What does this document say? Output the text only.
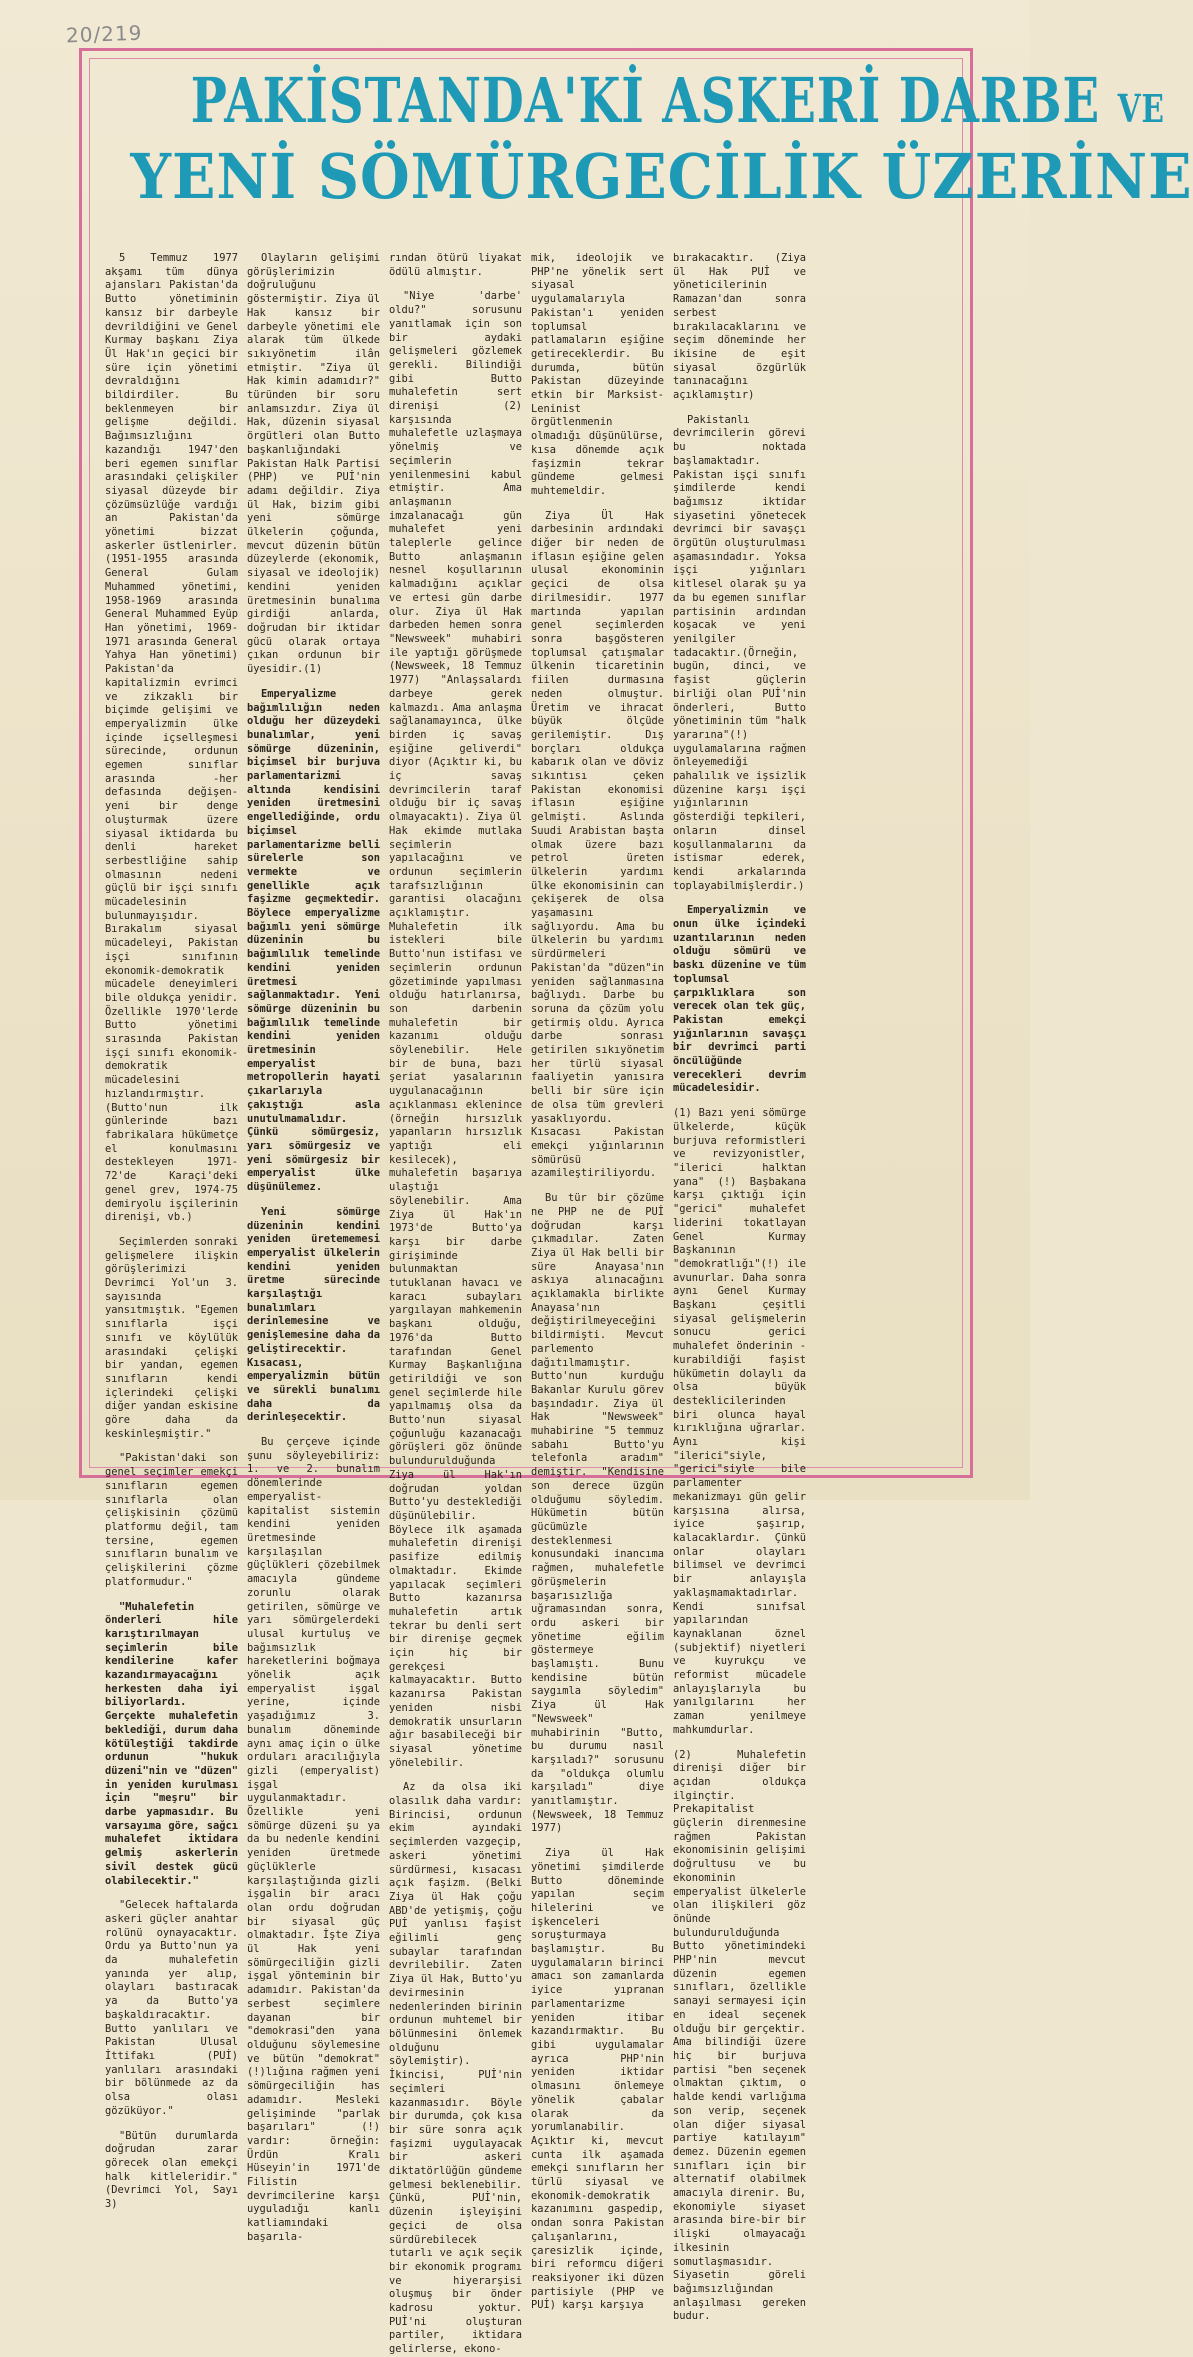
20/219
PAKİSTANDA'Kİ ASKERİ DARBE VE
YENİ SÖMÜRGECİLİK ÜZERİNE

5 Temmuz 1977 akşamı tüm dünya ajansları Pakistan'da Butto yönetiminin kansız bir darbeyle devrildiğini ve Genel Kurmay başkanı Ziya Ül Hak'ın geçici bir süre için yönetimi devraldığını bildirdiler. Bu beklenmeyen bir gelişme değildi. Bağımsızlığını kazandığı 1947'den beri egemen sınıflar arasındaki çelişkiler siyasal düzeyde bir çözümsüzlüğe vardığı an Pakistan'da yönetimi bizzat askerler üstlenirler. (1951-1955 arasında General Gulam Muhammed yönetimi, 1958-1969 arasında General Muhammed Eyüp Han yönetimi, 1969-1971 arasında General Yahya Han yönetimi) Pakistan'da kapitalizmin evrimci ve zikzaklı bir biçimde gelişimi ve emperyalizmin ülke içinde içselleşmesi sürecinde, ordunun egemen sınıflar arasında -her defasında değişen- yeni bir denge oluşturmak üzere siyasal iktidarda bu denli hareket serbestliğine sahip olmasının nedeni güçlü bir işçi sınıfı mücadelesinin bulunmayışıdır. Bırakalım siyasal mücadeleyi, Pakistan işçi sınıfının ekonomik-demokratik mücadele deneyimleri bile oldukça yenidir. Özellikle 1970'lerde Butto yönetimi sırasında Pakistan işçi sınıfı ekonomik-demokratik mücadelesini hızlandırmıştır. (Butto'nun ilk günlerinde bazı fabrikalara hükümetçe el konulmasını destekleyen 1971-72'de Karaçi'deki genel grev, 1974-75 demiryolu işçilerinin direnişi, vb.)

Seçimlerden sonraki gelişmelere ilişkin görüşlerimizi Devrimci Yol'un 3. sayısında yansıtmıştık. "Egemen sınıflarla işçi sınıfı ve köylülük arasındaki çelişki bir yandan, egemen sınıfların kendi içlerindeki çelişki diğer yandan eskisine göre daha da keskinleşmiştir."

"Pakistan'daki son genel seçimler emekçi sınıfların egemen sınıflarla olan çelişkisinin çözümü platformu değil, tam tersine, egemen sınıfların bunalım ve çelişkilerini çözme platformudur."

"Muhalefetin önderleri hile karıştırılmayan seçimlerin bile kendilerine kafer kazandırmayacağını herkesten daha iyi biliyorlardı. Gerçekte muhalefetin beklediği, durum daha kötüleştiği takdirde ordunun "hukuk düzeni"nin ve "düzen" in yeniden kurulması için "meşru" bir darbe yapmasıdır. Bu varsayıma göre, sağcı muhalefet iktidara gelmiş askerlerin sivil destek gücü olabilecektir."

"Gelecek haftalarda askeri güçler anahtar rolünü oynayacaktır. Ordu ya Butto'nun ya da muhalefetin yanında yer alıp, olayları bastıracak ya da Butto'ya başkaldıracaktır. Butto yanlıları ve Pakistan Ulusal İttifakı (PUİ) yanlıları arasındaki bir bölünmede az da olsa olası gözüküyor."

"Bütün durumlarda doğrudan zarar görecek olan emekçi halk kitleleridir." (Devrimci Yol, Sayı 3)

Olayların gelişimi görüşlerimizin doğruluğunu göstermiştir. Ziya ül Hak kansız bir darbeyle yönetimi ele alarak tüm ülkede sıkıyönetim ilân etmiştir. "Ziya ül Hak kimin adamıdır?" türünden bir soru anlamsızdır. Ziya ül Hak, düzenin siyasal örgütleri olan Butto başkanlığındaki Pakistan Halk Partisi (PHP) ve PUİ'nin adamı değildir. Ziya ül Hak, bizim gibi yeni sömürge ülkelerin çoğunda, mevcut düzenin bütün düzeylerde (ekonomik, siyasal ve ideolojik) kendini yeniden üretmesinin bunalıma girdiği anlarda, doğrudan bir iktidar gücü olarak ortaya çıkan ordunun bir üyesidir.(1)

Emperyalizme bağımlılığın neden olduğu her düzeydeki bunalımlar, yeni sömürge düzeninin, biçimsel bir burjuva parlamentarizmi altında kendisini yeniden üretmesini engellediğinde, ordu biçimsel parlamentarizme belli sürelerle son vermekte ve genellikle açık faşizme geçmektedir. Böylece emperyalizme bağımlı yeni sömürge düzeninin bu bağımlılık temelinde kendini yeniden üretmesi sağlanmaktadır. Yeni sömürge düzeninin bu bağımlılık temelinde kendini yeniden üretmesinin emperyalist metropollerin hayati çıkarlarıyla çakıştığı asla unutulmamalıdır. Çünkü sömürgesiz, yarı sömürgesiz ve yeni sömürgesiz bir emperyalist ülke düşünülemez.

Yeni sömürge düzeninin kendini yeniden üretememesi emperyalist ülkelerin kendini yeniden üretme sürecinde karşılaştığı bunalımları derinlemesine ve genişlemesine daha da geliştirecektir. Kısacası, emperyalizmin bütün ve sürekli bunalımı daha da derinleşecektir.

Bu çerçeve içinde şunu söyleyebiliriz: 1. ve 2. bunalım dönemlerinde emperyalist-kapitalist sistemin kendini yeniden üretmesinde karşılaşılan güçlükleri çözebilmek amacıyla gündeme zorunlu olarak getirilen, sömürge ve yarı sömürgelerdeki ulusal kurtuluş ve bağımsızlık hareketlerini boğmaya yönelik açık emperyalist işgal yerine, içinde yaşadığımız 3. bunalım döneminde aynı amaç için o ülke orduları aracılığıyla gizli (emperyalist) işgal uygulanmaktadır. Özellikle yeni sömürge düzeni şu ya da bu nedenle kendini yeniden üretmede güçlüklerle karşılaştığında gizli işgalin bir aracı olan ordu doğrudan bir siyasal güç olmaktadır. İşte Ziya ül Hak yeni sömürgeciliğin gizli işgal yönteminin bir adamıdır. Pakistan'da serbest seçimlere dayanan bir "demokrasi"den yana olduğunu söylemesine ve bütün "demokrat"(!)lığına rağmen yeni sömürgeciliğin has adamıdır. Mesleki gelişiminde "parlak başarıları" (!) vardır: örneğin: Ürdün Kralı Hüseyin'in 1971'de Filistin devrimcilerine karşı uyguladığı kanlı katliamındaki başarıla-

rından ötürü liyakat ödülü almıştır.

"Niye 'darbe' oldu?" sorusunu yanıtlamak için son bir aydaki gelişmeleri gözlemek gerekli. Bilindiği gibi Butto muhalefetin sert direnişi (2) karşısında muhalefetle uzlaşmaya yönelmiş ve seçimlerin yenilenmesini kabul etmiştir. Ama anlaşmanın imzalanacağı gün muhalefet yeni taleplerle gelince Butto anlaşmanın nesnel koşullarının kalmadığını açıklar ve ertesi gün darbe olur. Ziya ül Hak darbeden hemen sonra "Newsweek" muhabiri ile yaptığı görüşmede (Newsweek, 18 Temmuz 1977) "Anlaşsalardı darbeye gerek kalmazdı. Ama anlaşma sağlanamayınca, ülke birden iç savaş eşiğine geliverdi" diyor (Açıktır ki, bu iç savaş devrimcilerin taraf olduğu bir iç savaş olmayacaktı). Ziya ül Hak ekimde mutlaka seçimlerin yapılacağını ve ordunun seçimlerin tarafsızlığının garantisi olacağını açıklamıştır. Muhalefetin ilk istekleri bile Butto'nun istifası ve seçimlerin ordunun gözetiminde yapılması olduğu hatırlanırsa, son darbenin muhalefetin bir kazanımı olduğu söylenebilir. Hele bir de buna, bazı şeriat yasalarının uygulanacağının açıklanması eklenince (örneğin hırsızlık yapanların hırsızlık yaptığı eli kesilecek), muhalefetin başarıya ulaştığı söylenebilir. Ama Ziya ül Hak'ın 1973'de Butto'ya karşı bir darbe girişiminde bulunmaktan tutuklanan havacı ve karacı subayları yargılayan mahkemenin başkanı olduğu, 1976'da Butto tarafından Genel Kurmay Başkanlığına getirildiği ve son genel seçimlerde hile yapılmamış olsa da Butto'nun siyasal çoğunluğu kazanacağı görüşleri göz önünde bulundurulduğunda Ziya ül Hak'ın doğrudan yoldan Butto'yu desteklediği düşünülebilir. Böylece ilk aşamada muhalefetin direnişi pasifize edilmiş olmaktadır. Ekimde yapılacak seçimleri Butto kazanırsa muhalefetin artık tekrar bu denli sert bir direnişe geçmek için hiç bir gerekçesi kalmayacaktır. Butto kazanırsa Pakistan yeniden nisbi demokratik unsurların ağır basabileceği bir siyasal yönetime yönelebilir.

Az da olsa iki olasılık daha vardır: Birincisi, ordunun ekim ayındaki seçimlerden vazgeçip, askeri yönetimi sürdürmesi, kısacası açık faşizm. (Belki Ziya ül Hak çoğu ABD'de yetişmiş, çoğu PUİ yanlısı faşist eğilimli genç subaylar tarafından devrilebilir. Zaten Ziya ül Hak, Butto'yu devirmesinin nedenlerinden birinin ordunun muhtemel bir bölünmesini önlemek olduğunu söylemiştir). İkincisi, PUİ'nin seçimleri kazanmasıdır. Böyle bir durumda, çok kısa bir süre sonra açık faşizmi uygulayacak bir askeri diktatörlüğün gündeme gelmesi beklenebilir. Çünkü, PUİ'nin, düzenin işleyişini geçici de olsa sürdürebilecek tutarlı ve açık seçik bir ekonomik programı ve hiyerarşisi oluşmuş bir önder kadrosu yoktur. PUİ'ni oluşturan partiler, iktidara gelirlerse, ekono-

mik, ideolojik ve PHP'ne yönelik sert siyasal uygulamalarıyla Pakistan'ı yeniden toplumsal patlamaların eşiğine getireceklerdir. Bu durumda, bütün Pakistan düzeyinde etkin bir Marksist-Leninist örgütlenmenin olmadığı düşünülürse, kısa dönemde açık faşizmin tekrar gündeme gelmesi muhtemeldir.

Ziya Ül Hak darbesinin ardındaki diğer bir neden de iflasın eşiğine gelen ulusal ekonominin geçici de olsa dirilmesidir. 1977 martında yapılan genel seçimlerden sonra başgösteren toplumsal çatışmalar ülkenin ticaretinin fiilen durmasına neden olmuştur. Üretim ve ihracat büyük ölçüde gerilemiştir. Dış borçları oldukça kabarık olan ve döviz sıkıntısı çeken Pakistan ekonomisi iflasın eşiğine gelmişti. Aslında Suudi Arabistan başta olmak üzere bazı petrol üreten ülkelerin yardımı ülke ekonomisinin can çekişerek de olsa yaşamasını sağlıyordu. Ama bu ülkelerin bu yardımı sürdürmeleri Pakistan'da "düzen"in yeniden sağlanmasına bağlıydı. Darbe bu soruna da çözüm yolu getirmiş oldu. Ayrıca darbe sonrası getirilen sıkıyönetim her türlü siyasal faaliyetin yanısıra belli bir süre için de olsa tüm grevleri yasaklıyordu. Kısacası Pakistan emekçi yığınlarının sömürüsü azamileştiriliyordu.

Bu tür bir çözüme ne PHP ne de PUİ doğrudan karşı çıkmadılar. Zaten Ziya ül Hak belli bir süre Anayasa'nın askıya alınacağını açıklamakla birlikte Anayasa'nın değiştirilmeyeceğini bildirmişti. Mevcut parlemento dağıtılmamıştır. Butto'nun kurduğu Bakanlar Kurulu görev başındadır. Ziya ül Hak "Newsweek" muhabirine "5 temmuz sabahı Butto'yu telefonla aradım" demiştir. "Kendisine son derece üzgün olduğumu söyledim. Hükümetin bütün gücümüzle desteklenmesi konusundaki inancıma rağmen, muhalefetle görüşmelerin başarısızlığa uğramasından sonra, ordu askeri bir yönetime eğilim göstermeye başlamıştı. Bunu kendisine bütün saygımla söyledim" Ziya ül Hak "Newsweek" muhabirinin "Butto, bu durumu nasıl karşıladı?" sorusunu da "oldukça olumlu karşıladı" diye yanıtlamıştır. (Newsweek, 18 Temmuz 1977)

Ziya ül Hak yönetimi şimdilerde Butto döneminde yapılan seçim hilelerini ve işkenceleri soruşturmaya başlamıştır. Bu uygulamaların birinci amacı son zamanlarda iyice yıpranan parlamentarizme yeniden itibar kazandırmaktır. Bu gibi uygulamalar ayrıca PHP'nin yeniden iktidar olmasını önlemeye yönelik çabalar olarak da yorumlanabilir. Açıktır ki, mevcut cunta ilk aşamada emekçi sınıfların her türlü siyasal ve ekonomik-demokratik kazanımını gaspedip, ondan sonra Pakistan çalışanlarını, çaresizlik içinde, biri reformcu diğeri reaksiyoner iki düzen partisiyle (PHP ve PUİ) karşı karşıya

bırakacaktır. (Ziya ül Hak PUİ ve yöneticilerinin Ramazan'dan sonra serbest bırakılacaklarını ve seçim döneminde her ikisine de eşit siyasal özgürlük tanınacağını açıklamıştır)

Pakistanlı devrimcilerin görevi bu noktada başlamaktadır. Pakistan işçi sınıfı şimdilerde kendi bağımsız iktidar siyasetini yönetecek devrimci bir savaşçı örgütün oluşturulması aşamasındadır. Yoksa işçi yığınları kitlesel olarak şu ya da bu egemen sınıflar partisinin ardından koşacak ve yeni yenilgiler tadacaktır.(Örneğin, bugün, dinci, ve faşist güçlerin birliği olan PUİ'nin önderleri, Butto yönetiminin tüm "halk yararına"(!) uygulamalarına rağmen önleyemediği pahalılık ve işsizlik düzenine karşı işçi yığınlarının gösterdiği tepkileri, onların dinsel koşullanmalarını da istismar ederek, kendi arkalarında toplayabilmişlerdir.)

Emperyalizmin ve onun ülke içindeki uzantılarının neden olduğu sömürü ve baskı düzenine ve tüm toplumsal çarpıklıklara son verecek olan tek güç, Pakistan emekçi yığınlarının savaşçı bir devrimci parti öncülüğünde verecekleri devrim mücadelesidir.

(1) Bazı yeni sömürge ülkelerde, küçük burjuva reformistleri ve revizyonistler, "ilerici halktan yana" (!) Başbakana karşı çıktığı için "gerici" muhalefet liderini tokatlayan Genel Kurmay Başkanının "demokratlığı"(!) ile avunurlar. Daha sonra aynı Genel Kurmay Başkanı çeşitli siyasal gelişmelerin sonucu gerici muhalefet önderinin -kurabildiği faşist hükümetin dolaylı da olsa büyük desteklicilerinden biri olunca hayal kırıklığına uğrarlar. Aynı kişi "ilerici"siyle, "gerici"siyle bile parlamenter mekanizmayı gün gelir karşısına alırsa, iyice şaşırıp, kalacaklardır. Çünkü onlar olayları bilimsel ve devrimci bir anlayışla yaklaşmamaktadırlar. Kendi sınıfsal yapılarından kaynaklanan öznel (subjektif) niyetleri ve kuyrukçu ve reformist mücadele anlayışlarıyla bu yanılgılarını her zaman yenilmeye mahkumdurlar.

(2) Muhalefetin direnişi diğer bir açıdan oldukça ilginçtir. Prekapitalist güçlerin direnmesine rağmen Pakistan ekonomisinin gelişimi doğrultusu ve bu ekonominin emperyalist ülkelerle olan ilişkileri göz önünde bulundurulduğunda Butto yönetimindeki PHP'nin mevcut düzenin egemen sınıfları, özellikle sanayi sermayesi için en ideal seçenek olduğu bir gerçektir. Ama bilindiği üzere hiç bir burjuva partisi "ben seçenek olmaktan çıktım, o halde kendi varlığıma son verip, seçenek olan diğer siyasal partiye katılayım" demez. Düzenin egemen sınıfları için bir alternatif olabilmek amacıyla direnir. Bu, ekonomiyle siyaset arasında bire-bir bir ilişki olmayacağı ilkesinin somutlaşmasıdır. Siyasetin göreli bağımsızlığından anlaşılması gereken budur.
